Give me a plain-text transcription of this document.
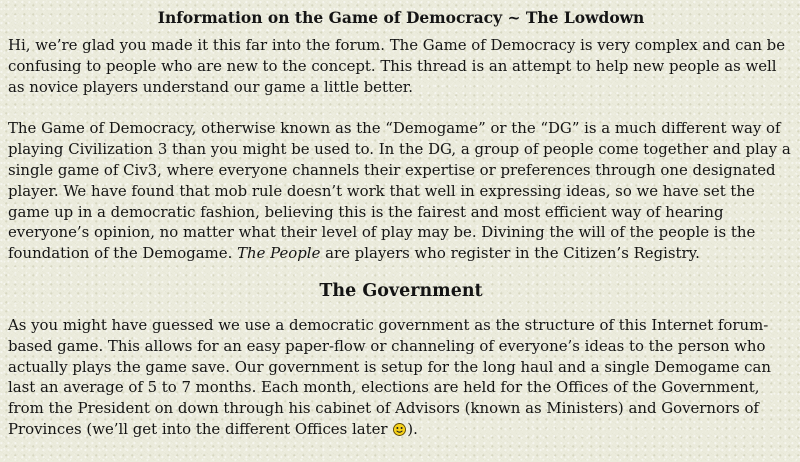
Information on the Game of Democracy ~ The Lowdown

Hi, we’re glad you made it this far into the forum. The Game of Democracy is very complex and can be confusing to people who are new to the concept. This thread is an attempt to help new people as well as novice players understand our game a little better.

The Game of Democracy, otherwise known as the “Demogame” or the “DG” is a much different way of playing Civilization 3 than you might be used to. In the DG, a group of people come together and play a single game of Civ3, where everyone channels their expertise or preferences through one designated player. We have found that mob rule doesn’t work that well in expressing ideas, so we have set the game up in a democratic fashion, believing this is the fairest and most efficient way of hearing everyone’s opinion, no matter what their level of play may be. Divining the will of the people is the foundation of the Demogame. The People are players who register in the Citizen’s Registry.

The Government

As you might have guessed we use a democratic government as the structure of this Internet forum-based game. This allows for an easy paper-flow or channeling of everyone’s ideas to the person who actually plays the game save. Our government is setup for the long haul and a single Demogame can last an average of 5 to 7 months. Each month, elections are held for the Offices of the Government, from the President on down through his cabinet of Advisors (known as Ministers) and Governors of Provinces (we’ll get into the different Offices later ).
